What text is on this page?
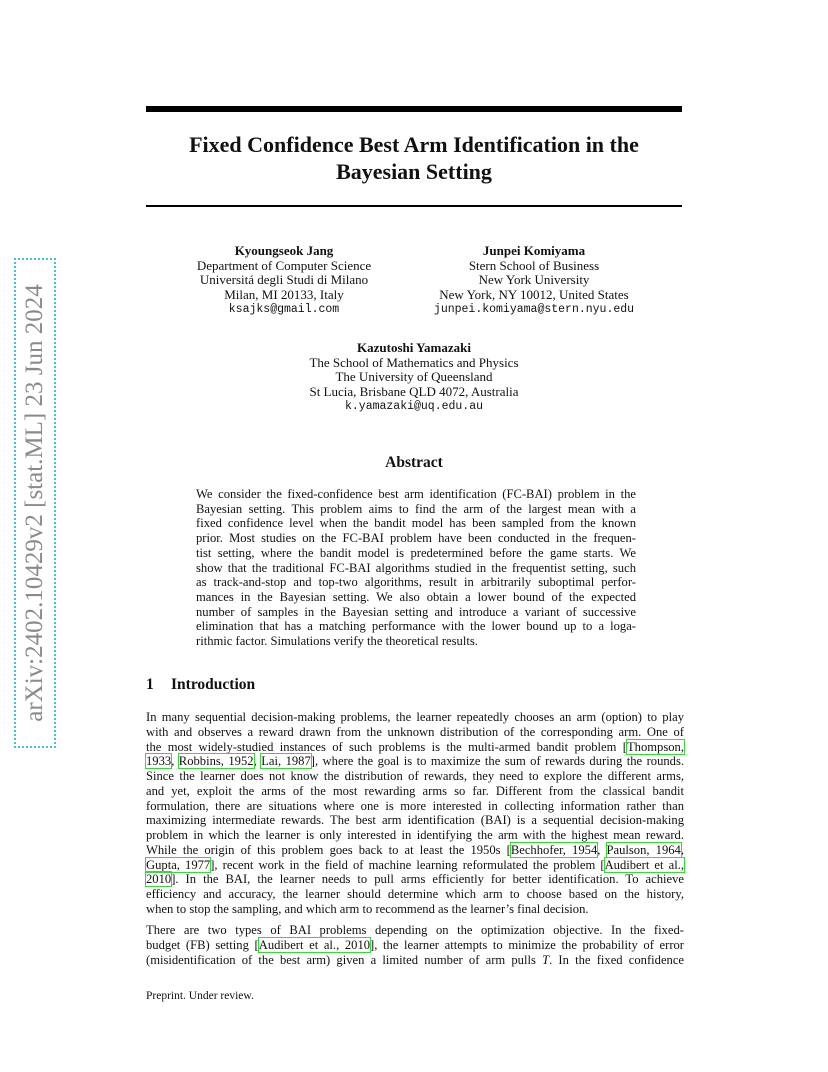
arXiv:2402.10429v2 [stat.ML] 23 Jun 2024
Fixed Confidence Best Arm Identification in the
Bayesian Setting
Kyoungseok Jang
Department of Computer Science
Universitá degli Studi di Milano
Milan, MI 20133, Italy
ksajks@gmail.com
Junpei Komiyama
Stern School of Business
New York University
New York, NY 10012, United States
junpei.komiyama@stern.nyu.edu
Kazutoshi Yamazaki
The School of Mathematics and Physics
The University of Queensland
St Lucia, Brisbane QLD 4072, Australia
k.yamazaki@uq.edu.au
Abstract
We consider the fixed-confidence best arm identification (FC-BAI) problem in the
Bayesian setting. This problem aims to find the arm of the largest mean with a
fixed confidence level when the bandit model has been sampled from the known
prior. Most studies on the FC-BAI problem have been conducted in the frequen-
tist setting, where the bandit model is predetermined before the game starts. We
show that the traditional FC-BAI algorithms studied in the frequentist setting, such
as track-and-stop and top-two algorithms, result in arbitrarily suboptimal perfor-
mances in the Bayesian setting. We also obtain a lower bound of the expected
number of samples in the Bayesian setting and introduce a variant of successive
elimination that has a matching performance with the lower bound up to a loga-
rithmic factor. Simulations verify the theoretical results.
1 Introduction
In many sequential decision-making problems, the learner repeatedly chooses an arm (option) to play
with and observes a reward drawn from the unknown distribution of the corresponding arm. One of
the most widely-studied instances of such problems is the multi-armed bandit problem [Thompson,
1933, Robbins, 1952, Lai, 1987], where the goal is to maximize the sum of rewards during the rounds.
Since the learner does not know the distribution of rewards, they need to explore the different arms,
and yet, exploit the arms of the most rewarding arms so far. Different from the classical bandit
formulation, there are situations where one is more interested in collecting information rather than
maximizing intermediate rewards. The best arm identification (BAI) is a sequential decision-making
problem in which the learner is only interested in identifying the arm with the highest mean reward.
While the origin of this problem goes back to at least the 1950s [Bechhofer, 1954, Paulson, 1964,
Gupta, 1977], recent work in the field of machine learning reformulated the problem [Audibert et al.,
2010]. In the BAI, the learner needs to pull arms efficiently for better identification. To achieve
efficiency and accuracy, the learner should determine which arm to choose based on the history,
when to stop the sampling, and which arm to recommend as the learner’s final decision.
There are two types of BAI problems depending on the optimization objective. In the fixed-
budget (FB) setting [Audibert et al., 2010], the learner attempts to minimize the probability of error
(misidentification of the best arm) given a limited number of arm pulls T. In the fixed confidence

Preprint. Under review.
